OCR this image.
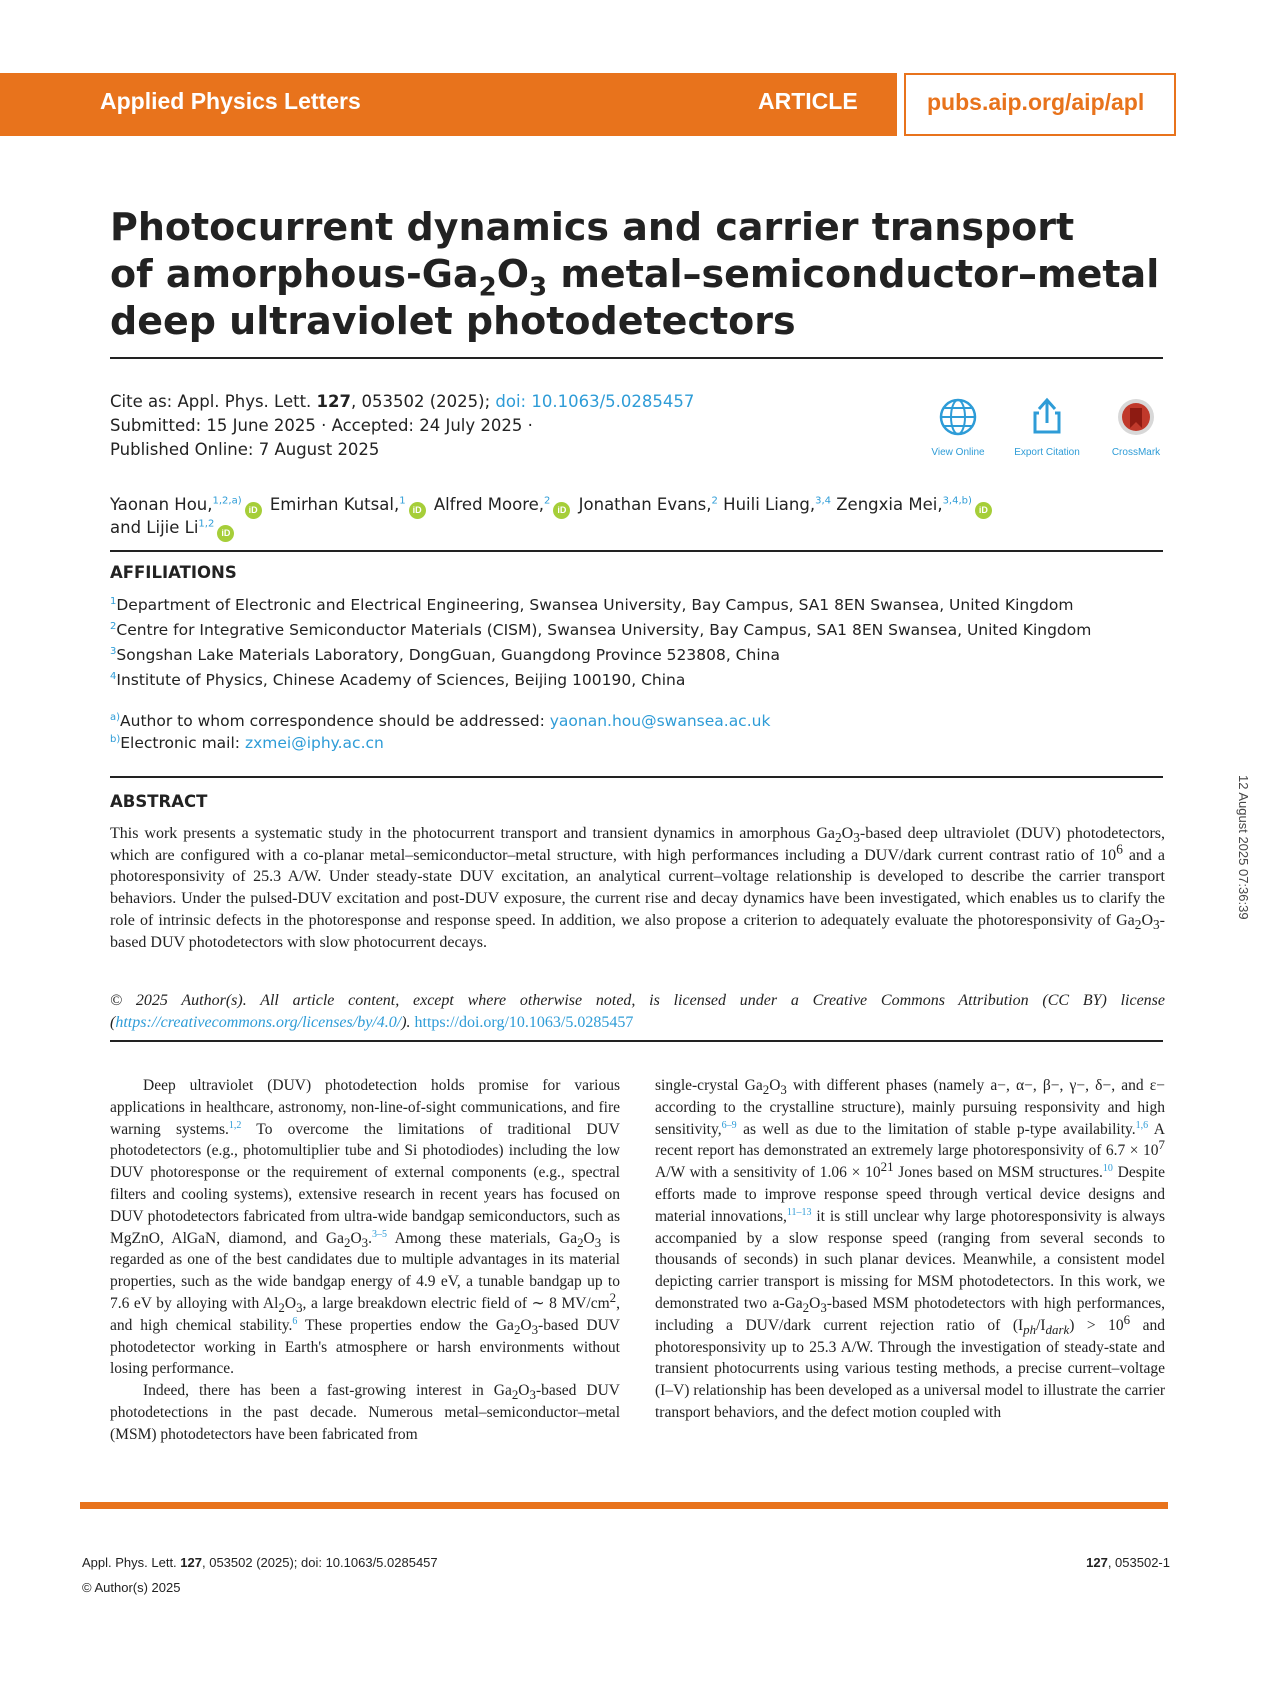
Applied Physics Letters	ARTICLE	pubs.aip.org/aip/apl
Photocurrent dynamics and carrier transport
of amorphous-$Ga_2O_3$ metal–semiconductor–metal
deep ultraviolet photodetectors
Cite as: Appl. Phys. Lett. 127, 053502 (2025); doi: 10.1063/5.0285457
Submitted: 15 June 2025 · Accepted: 24 July 2025 ·
Published Online: 7 August 2025	View Online	Export Citation	CrossMark
Yaonan Hou,$^{1,2,a)}$iD Emirhan Kutsal,$^1$iD Alfred Moore,$^2$iD Jonathan Evans,$^2$ Huili Liang,$^{3,4}$ Zengxia Mei,$^{3,4,b)}$iD
and Lijie Li$^{1,2}$iD
AFFILIATIONS
$^1$Department of Electronic and Electrical Engineering, Swansea University, Bay Campus, SA1 8EN Swansea, United Kingdom
$^2$Centre for Integrative Semiconductor Materials (CISM), Swansea University, Bay Campus, SA1 8EN Swansea, United Kingdom
$^3$Songshan Lake Materials Laboratory, DongGuan, Guangdong Province 523808, China
$^4$Institute of Physics, Chinese Academy of Sciences, Beijing 100190, China
$^{a)}$Author to whom correspondence should be addressed: yaonan.hou@swansea.ac.uk
$^{b)}$Electronic mail: zxmei@iphy.ac.cn
ABSTRACT

This work presents a systematic study in the photocurrent transport and transient dynamics in amorphous $Ga_2O_3$-based deep ultraviolet (DUV) photodetectors, which are configured with a co-planar metal–semiconductor–metal structure, with high performances including a DUV/dark current contrast ratio of $10^6$ and a photoresponsivity of 25.3 A/W. Under steady-state DUV excitation, an analytical current–voltage relationship is developed to describe the carrier transport behaviors. Under the pulsed-DUV excitation and post-DUV exposure, the current rise and decay dynamics have been investigated, which enables us to clarify the role of intrinsic defects in the photoresponse and response speed. In addition, we also propose a criterion to adequately evaluate the photoresponsivity of $Ga_2O_3$-based DUV photodetectors with slow photocurrent decays.

© 2025 Author(s). All article content, except where otherwise noted, is licensed under a Creative Commons Attribution (CC BY) license (https://creativecommons.org/licenses/by/4.0/). https://doi.org/10.1063/5.0285457

Deep ultraviolet (DUV) photodetection holds promise for various applications in healthcare, astronomy, non-line-of-sight communications, and fire warning systems.$^{1,2}$ To overcome the limitations of traditional DUV photodetectors (e.g., photomultiplier tube and Si photodiodes) including the low DUV photoresponse or the requirement of external components (e.g., spectral filters and cooling systems), extensive research in recent years has focused on DUV photodetectors fabricated from ultra-wide bandgap semiconductors, such as MgZnO, AlGaN, diamond, and $Ga_2O_3.^{3-5}$ Among these materials, $Ga_2O_3$ is regarded as one of the best candidates due to multiple advantages in its material properties, such as the wide bandgap energy of 4.9 eV, a tunable bandgap up to 7.6 eV by alloying with $Al_2O_3$, a large breakdown electric field of ∼ 8 $MV/cm^2$, and high chemical stability.$^6$ These properties endow the $Ga_2O_3$-based DUV photodetector working in Earth's atmosphere or harsh environments without losing performance.

Indeed, there has been a fast-growing interest in $Ga_2O_3$-based DUV photodetections in the past decade. Numerous metal–semiconductor–metal (MSM) photodetectors have been fabricated from

single-crystal $Ga_2O_3$ with different phases (namely a−, α−, β−, γ−, δ−, and ε− according to the crystalline structure), mainly pursuing responsivity and high sensitivity,$^{6-9}$ as well as due to the limitation of stable p-type availability.$^{1,6}$ A recent report has demonstrated an extremely large photoresponsivity of $6.7 \times 10^7$ A/W with a sensitivity of $1.06 \times 10^{21}$ Jones based on MSM structures.$^{10}$ Despite efforts made to improve response speed through vertical device designs and material innovations,$^{11-13}$ it is still unclear why large photoresponsivity is always accompanied by a slow response speed (ranging from several seconds to thousands of seconds) in such planar devices. Meanwhile, a consistent model depicting carrier transport is missing for MSM photodetectors. In this work, we demonstrated two $a-Ga_2O_3$-based MSM photodetectors with high performances, including a DUV/dark current rejection ratio of $(I_{ph}/I_{dark}) > 10^6$ and photoresponsivity up to 25.3 A/W. Through the investigation of steady-state and transient photocurrents using various testing methods, a precise current–voltage (I–V) relationship has been developed as a universal model to illustrate the carrier transport behaviors, and the defect motion coupled with

12 August 2025 07:36:39
Appl. Phys. Lett. 127, 053502 (2025); doi: 10.1063/5.0285457
© Author(s) 2025
127, 053502-1
